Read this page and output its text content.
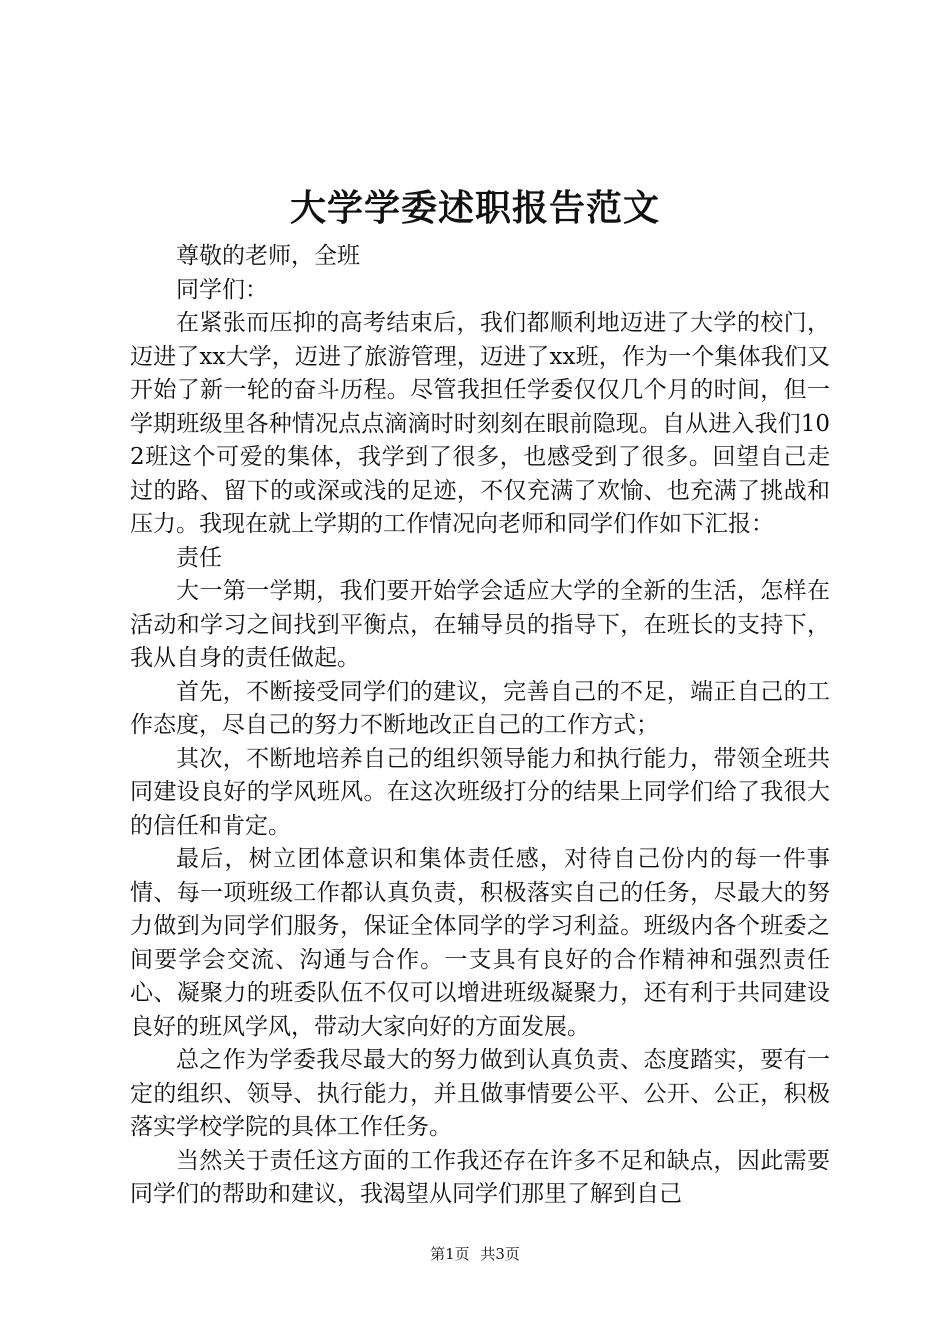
大学学委述职报告范文

尊敬的老师，全班

同学们：

在紧张而压抑的高考结束后，我们都顺利地迈进了大学的校门，迈进了xx大学，迈进了旅游管理，迈进了xx班，作为一个集体我们又开始了新一轮的奋斗历程。尽管我担任学委仅仅几个月的时间，但一学期班级里各种情况点点滴滴时时刻刻在眼前隐现。自从进入我们102班这个可爱的集体，我学到了很多，也感受到了很多。回望自己走过的路、留下的或深或浅的足迹，不仅充满了欢愉、也充满了挑战和压力。我现在就上学期的工作情况向老师和同学们作如下汇报：

责任

大一第一学期，我们要开始学会适应大学的全新的生活，怎样在活动和学习之间找到平衡点，在辅导员的指导下，在班长的支持下，我从自身的责任做起。

首先，不断接受同学们的建议，完善自己的不足，端正自己的工作态度，尽自己的努力不断地改正自己的工作方式；

其次，不断地培养自己的组织领导能力和执行能力，带领全班共同建设良好的学风班风。在这次班级打分的结果上同学们给了我很大的信任和肯定。

最后，树立团体意识和集体责任感，对待自己份内的每一件事情、每一项班级工作都认真负责，积极落实自己的任务，尽最大的努力做到为同学们服务，保证全体同学的学习利益。班级内各个班委之间要学会交流、沟通与合作。一支具有良好的合作精神和强烈责任心、凝聚力的班委队伍不仅可以增进班级凝聚力，还有利于共同建设良好的班风学风，带动大家向好的方面发展。

总之作为学委我尽最大的努力做到认真负责、态度踏实，要有一定的组织、领导、执行能力，并且做事情要公平、公开、公正，积极落实学校学院的具体工作任务。

当然关于责任这方面的工作我还存在许多不足和缺点，因此需要同学们的帮助和建议，我渴望从同学们那里了解到自己

第1页 共3页
